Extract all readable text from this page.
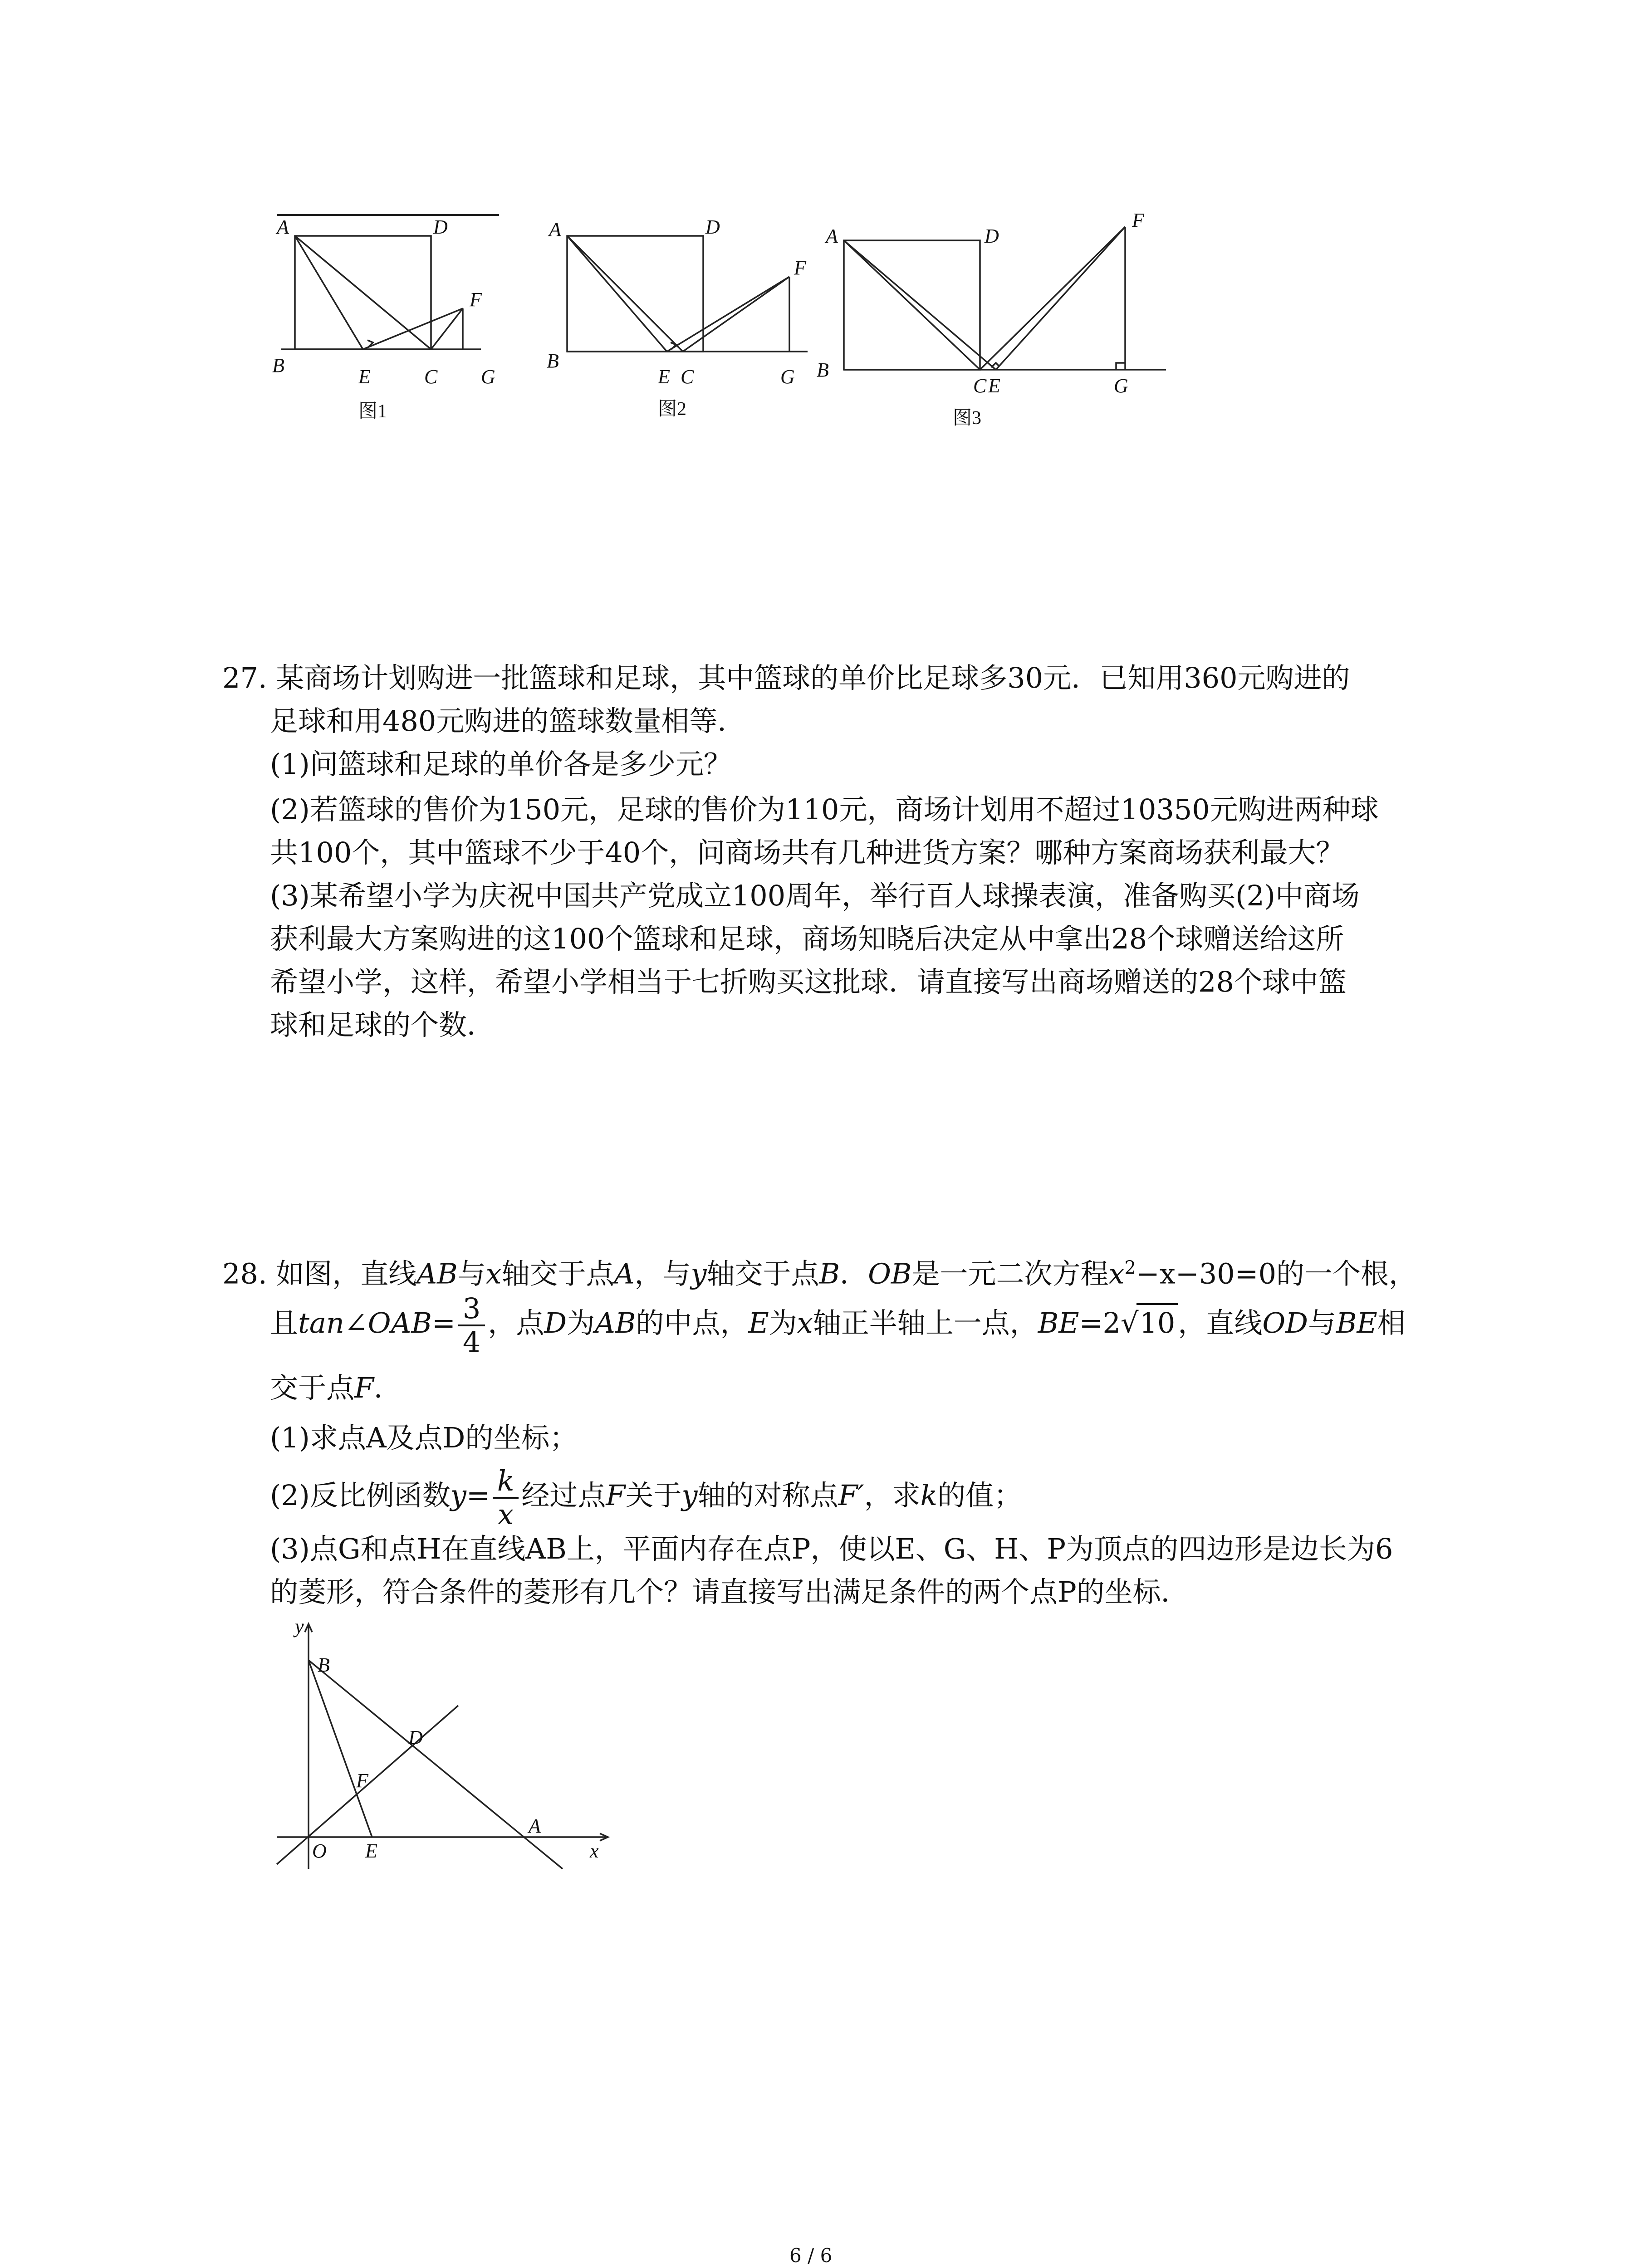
A	D
B
E	C G
F
图1
A	D
B
E C	G
F
图2
A	D
B
C E	G
F
图3
27. 某商场计划购进一批篮球和足球，其中篮球的单价比足球多30元．已知用360元购进的
足球和用480元购进的篮球数量相等．
(1)问篮球和足球的单价各是多少元？
(2)若篮球的售价为150元，足球的售价为110元，商场计划用不超过10350元购进两种球
共100个，其中篮球不少于40个，问商场共有几种进货方案？哪种方案商场获利最大？
(3)某希望小学为庆祝中国共产党成立100周年，举行百人球操表演，准备购买(2)中商场
获利最大方案购进的这100个篮球和足球，商场知晓后决定从中拿出28个球赠送给这所
希望小学，这样，希望小学相当于七折购买这批球．请直接写出商场赠送的28个球中篮
球和足球的个数．
28. 如图，直线AB与x轴交于点A，与y轴交于点B．OB是一元二次方程$x^2-x-30=0$的一个根，
且tan∠OAB= $\frac{3}{4}$ ，点D为AB的中点，E为x轴正半轴上一点，BE=2√10，直线OD与BE相
交于点F．
(1)求点A及点D的坐标；
(2)反比例函数$y= \frac{k}{x}$ 经过点F关于y轴的对称点F′，求k的值；
(3)点G和点H在直线AB上，平面内存在点P，使以E、G、H、P为顶点的四边形是边长为6
的菱形，符合条件的菱形有几个？请直接写出满足条件的两个点P的坐标．
y
B
D
F
A
O E	x
6 / 6
